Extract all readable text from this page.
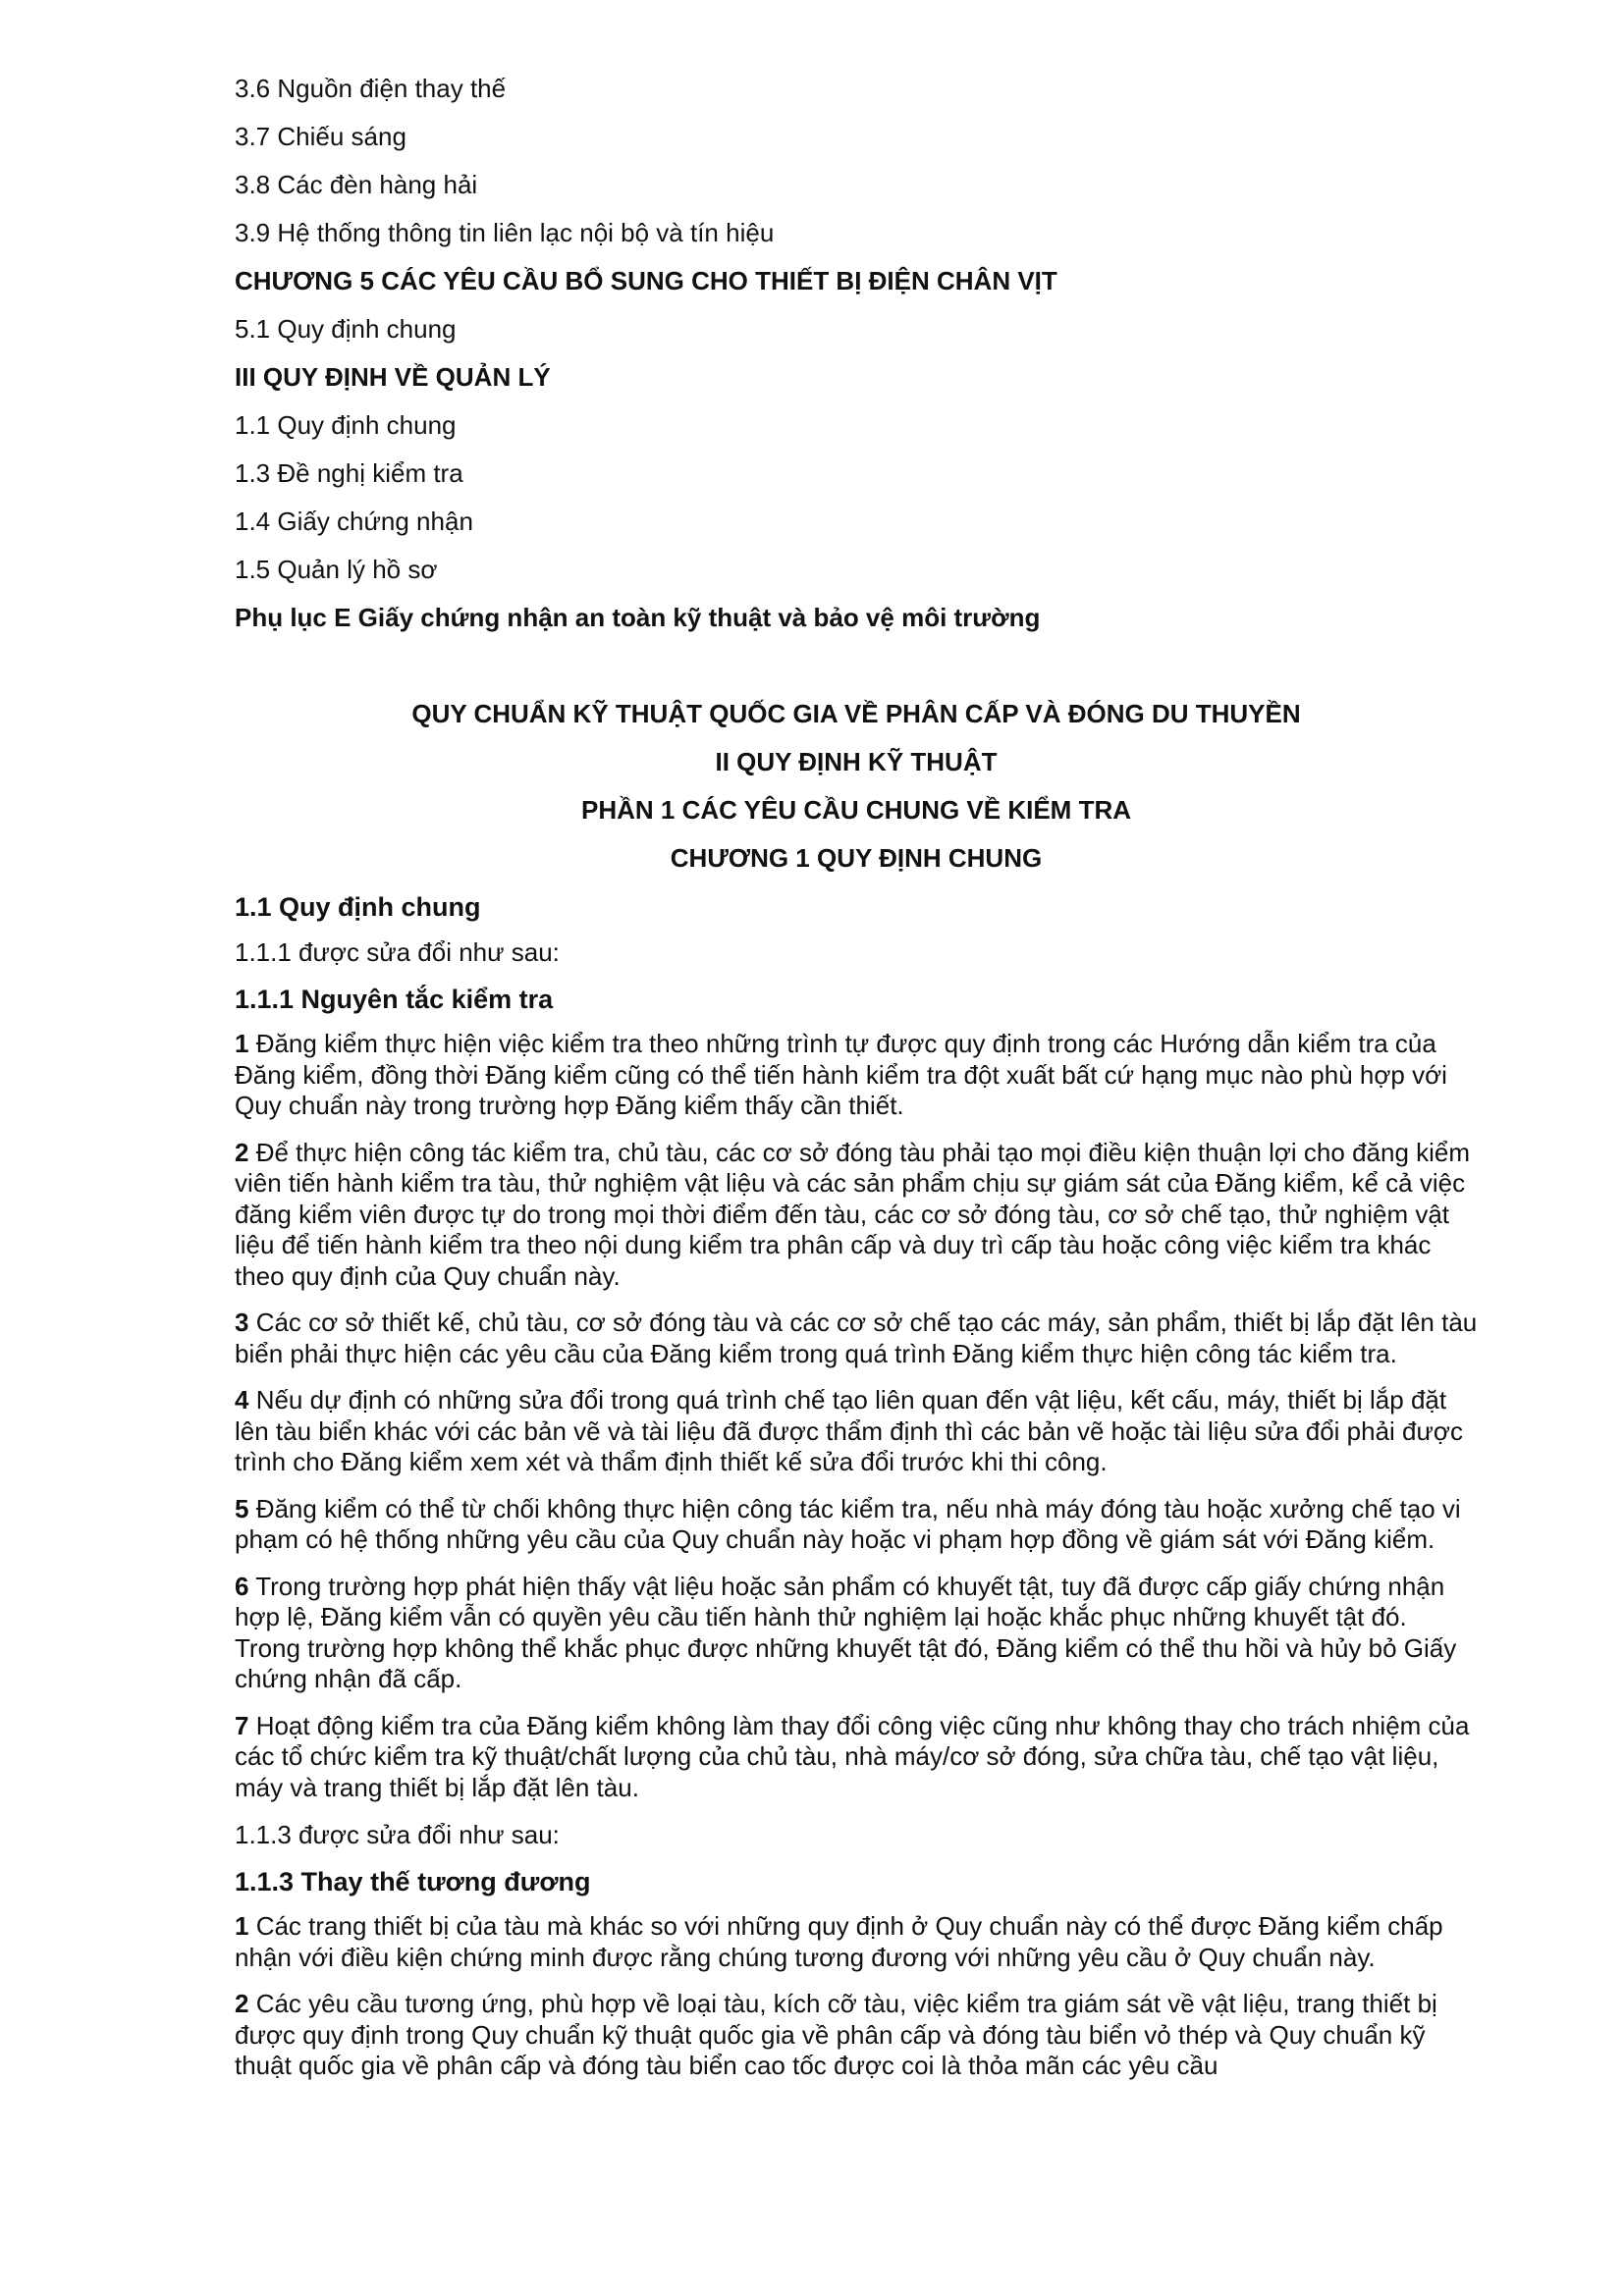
3.6 Nguồn điện thay thế
3.7 Chiếu sáng
3.8 Các đèn hàng hải
3.9 Hệ thống thông tin liên lạc nội bộ và tín hiệu
CHƯƠNG 5 CÁC YÊU CẦU BỔ SUNG CHO THIẾT BỊ ĐIỆN CHÂN VỊT
5.1 Quy định chung
III QUY ĐỊNH VỀ QUẢN LÝ
1.1 Quy định chung
1.3 Đề nghị kiểm tra
1.4 Giấy chứng nhận
1.5 Quản lý hồ sơ
Phụ lục E Giấy chứng nhận an toàn kỹ thuật và bảo vệ môi trường
QUY CHUẨN KỸ THUẬT QUỐC GIA VỀ PHÂN CẤP VÀ ĐÓNG DU THUYỀN
II QUY ĐỊNH KỸ THUẬT
PHẦN 1 CÁC YÊU CẦU CHUNG VỀ KIỂM TRA
CHƯƠNG 1 QUY ĐỊNH CHUNG
1.1 Quy định chung
1.1.1 được sửa đổi như sau:
1.1.1 Nguyên tắc kiểm tra

1 Đăng kiểm thực hiện việc kiểm tra theo những trình tự được quy định trong các Hướng dẫn kiểm tra của Đăng kiểm, đồng thời Đăng kiểm cũng có thể tiến hành kiểm tra đột xuất bất cứ hạng mục nào phù hợp với Quy chuẩn này trong trường hợp Đăng kiểm thấy cần thiết.

2 Để thực hiện công tác kiểm tra, chủ tàu, các cơ sở đóng tàu phải tạo mọi điều kiện thuận lợi cho đăng kiểm viên tiến hành kiểm tra tàu, thử nghiệm vật liệu và các sản phẩm chịu sự giám sát của Đăng kiểm, kể cả việc đăng kiểm viên được tự do trong mọi thời điểm đến tàu, các cơ sở đóng tàu, cơ sở chế tạo, thử nghiệm vật liệu để tiến hành kiểm tra theo nội dung kiểm tra phân cấp và duy trì cấp tàu hoặc công việc kiểm tra khác theo quy định của Quy chuẩn này.

3 Các cơ sở thiết kế, chủ tàu, cơ sở đóng tàu và các cơ sở chế tạo các máy, sản phẩm, thiết bị lắp đặt lên tàu biển phải thực hiện các yêu cầu của Đăng kiểm trong quá trình Đăng kiểm thực hiện công tác kiểm tra.

4 Nếu dự định có những sửa đổi trong quá trình chế tạo liên quan đến vật liệu, kết cấu, máy, thiết bị lắp đặt lên tàu biển khác với các bản vẽ và tài liệu đã được thẩm định thì các bản vẽ hoặc tài liệu sửa đổi phải được trình cho Đăng kiểm xem xét và thẩm định thiết kế sửa đổi trước khi thi công.

5 Đăng kiểm có thể từ chối không thực hiện công tác kiểm tra, nếu nhà máy đóng tàu hoặc xưởng chế tạo vi phạm có hệ thống những yêu cầu của Quy chuẩn này hoặc vi phạm hợp đồng về giám sát với Đăng kiểm.

6 Trong trường hợp phát hiện thấy vật liệu hoặc sản phẩm có khuyết tật, tuy đã được cấp giấy chứng nhận hợp lệ, Đăng kiểm vẫn có quyền yêu cầu tiến hành thử nghiệm lại hoặc khắc phục những khuyết tật đó. Trong trường hợp không thể khắc phục được những khuyết tật đó, Đăng kiểm có thể thu hồi và hủy bỏ Giấy chứng nhận đã cấp.

7 Hoạt động kiểm tra của Đăng kiểm không làm thay đổi công việc cũng như không thay cho trách nhiệm của các tổ chức kiểm tra kỹ thuật/chất lượng của chủ tàu, nhà máy/cơ sở đóng, sửa chữa tàu, chế tạo vật liệu, máy và trang thiết bị lắp đặt lên tàu.

1.1.3 được sửa đổi như sau:
1.1.3 Thay thế tương đương

1 Các trang thiết bị của tàu mà khác so với những quy định ở Quy chuẩn này có thể được Đăng kiểm chấp nhận với điều kiện chứng minh được rằng chúng tương đương với những yêu cầu ở Quy chuẩn này.

2 Các yêu cầu tương ứng, phù hợp về loại tàu, kích cỡ tàu, việc kiểm tra giám sát về vật liệu, trang thiết bị được quy định trong Quy chuẩn kỹ thuật quốc gia về phân cấp và đóng tàu biển vỏ thép và Quy chuẩn kỹ thuật quốc gia về phân cấp và đóng tàu biển cao tốc được coi là thỏa mãn các yêu cầu
